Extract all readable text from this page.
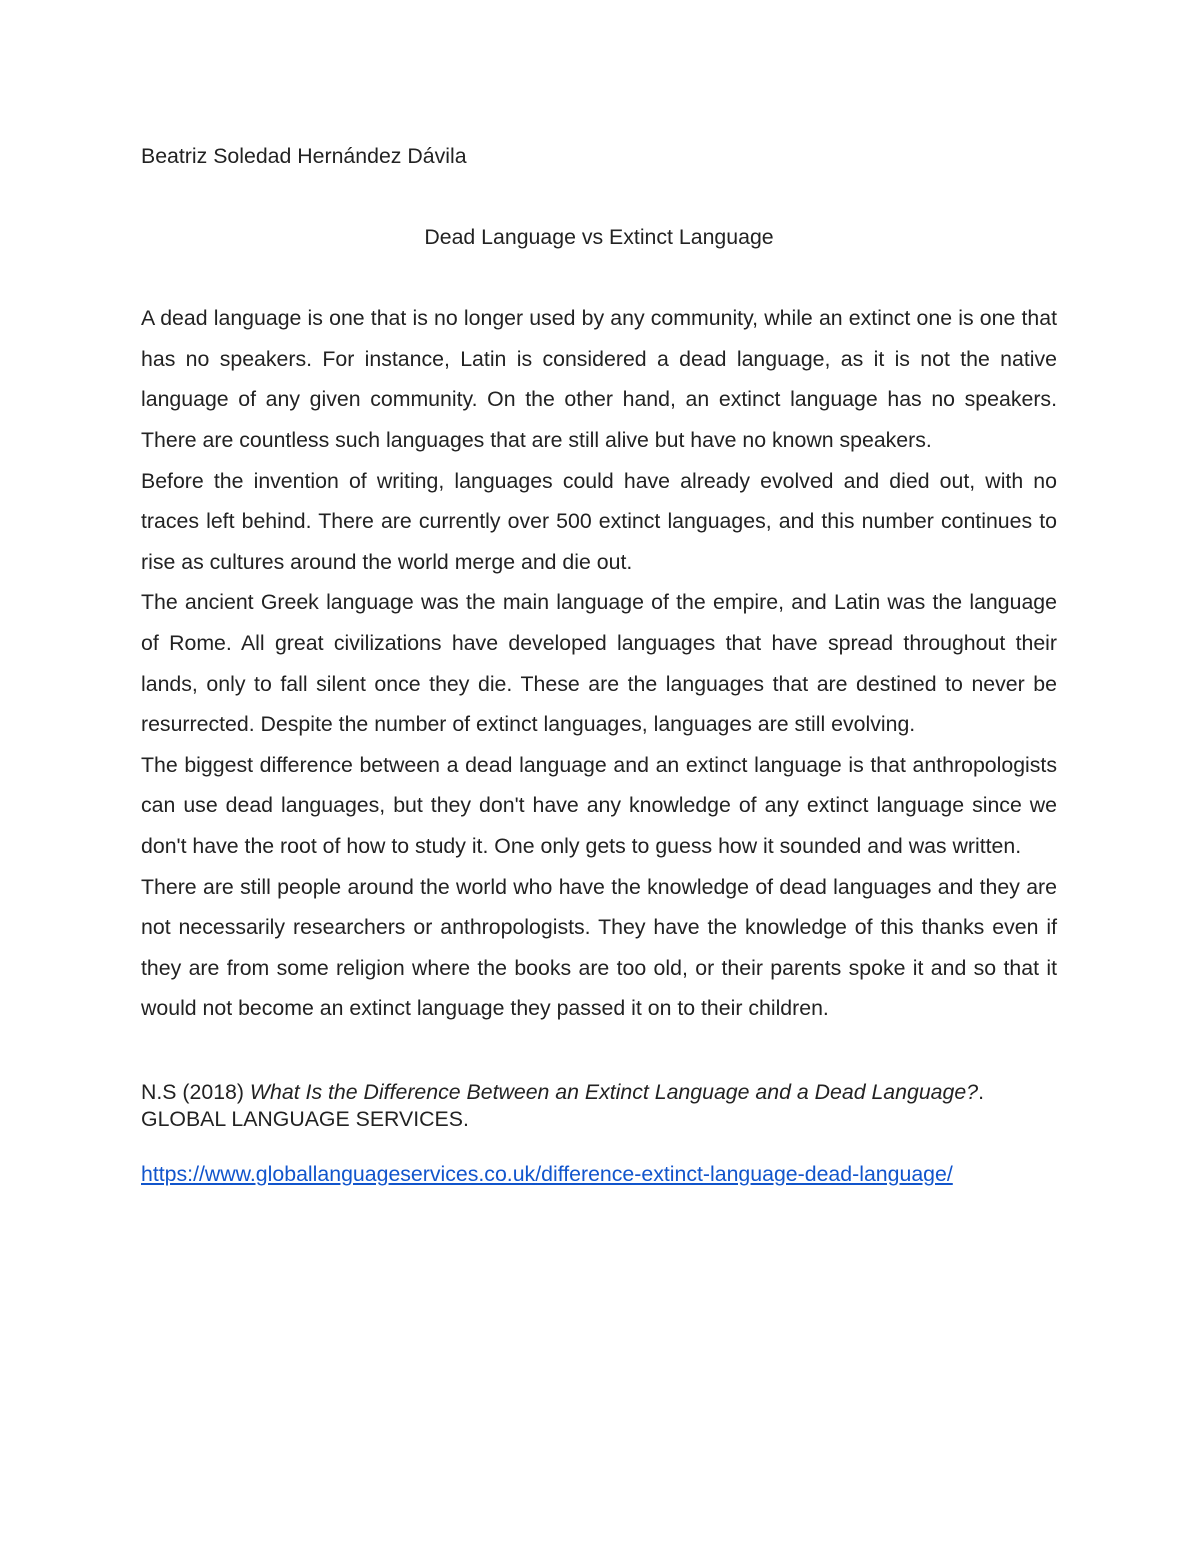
Beatriz Soledad Hernández Dávila
Dead Language vs Extinct Language

A dead language is one that is no longer used by any community, while an extinct one is one that has no speakers. For instance, Latin is considered a dead language, as it is not the native language of any given community. On the other hand, an extinct language has no speakers. There are countless such languages that are still alive but have no known speakers.

Before the invention of writing, languages could have already evolved and died out, with no traces left behind. There are currently over 500 extinct languages, and this number continues to rise as cultures around the world merge and die out.

The ancient Greek language was the main language of the empire, and Latin was the language of Rome. All great civilizations have developed languages that have spread throughout their lands, only to fall silent once they die. These are the languages that are destined to never be resurrected. Despite the number of extinct languages, languages are still evolving.

The biggest difference between a dead language and an extinct language is that anthropologists can use dead languages, but they don't have any knowledge of any extinct language since we don't have the root of how to study it. One only gets to guess how it sounded and was written.

There are still people around the world who have the knowledge of dead languages and they are not necessarily researchers or anthropologists. They have the knowledge of this thanks even if they are from some religion where the books are too old, or their parents spoke it and so that it would not become an extinct language they passed it on to their children.

N.S (2018) What Is the Difference Between an Extinct Language and a Dead Language?. GLOBAL LANGUAGE SERVICES.
https://www.globallanguageservices.co.uk/difference-extinct-language-dead-language/
